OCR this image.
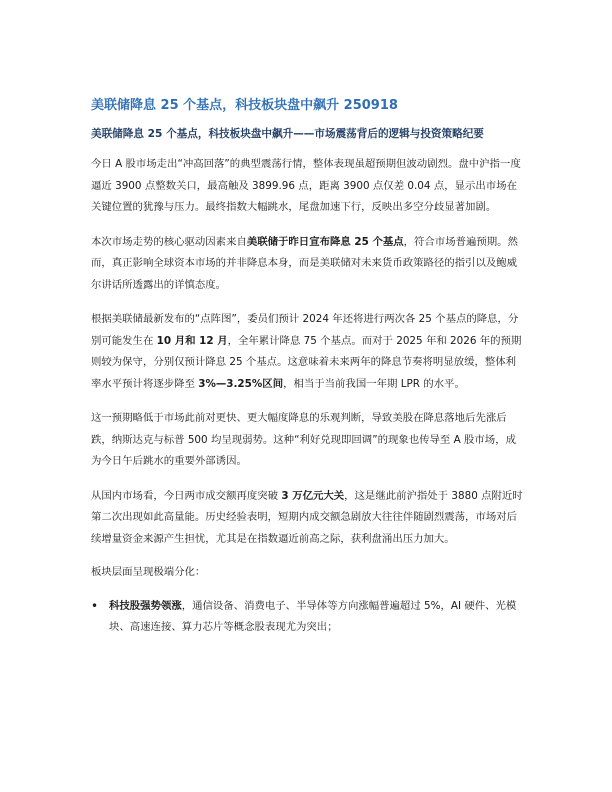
美联储降息 25 个基点，科技板块盘中飙升 250918
美联储降息 25 个基点，科技板块盘中飙升——市场震荡背后的逻辑与投资策略纪要

今日 A 股市场走出“冲高回落”的典型震荡行情，整体表现虽超预期但波动剧烈。盘中沪指一度逼近 3900 点整数关口，最高触及 3899.96 点，距离 3900 点仅差 0.04 点，显示出市场在关键位置的犹豫与压力。最终指数大幅跳水，尾盘加速下行，反映出多空分歧显著加剧。

本次市场走势的核心驱动因素来自美联储于昨日宣布降息 25 个基点，符合市场普遍预期。然而，真正影响全球资本市场的并非降息本身，而是美联储对未来货币政策路径的指引以及鲍威尔讲话所透露出的详慎态度。

根据美联储最新发布的“点阵图”，委员们预计 2024 年还将进行两次各 25 个基点的降息，分别可能发生在 10 月和 12 月，全年累计降息 75 个基点。而对于 2025 年和 2026 年的预期则较为保守，分别仅预计降息 25 个基点。这意味着未来两年的降息节奏将明显放缓，整体利率水平预计将逐步降至 3%—3.25%区间，相当于当前我国一年期 LPR 的水平。

这一预期略低于市场此前对更快、更大幅度降息的乐观判断，导致美股在降息落地后先涨后跌，纳斯达克与标普 500 均呈现弱势。这种“利好兑现即回调”的现象也传导至 A 股市场，成为今日午后跳水的重要外部诱因。

从国内市场看，今日两市成交额再度突破 3 万亿元大关，这是继此前沪指处于 3880 点附近时第二次出现如此高量能。历史经验表明，短期内成交额急剧放大往往伴随剧烈震荡，市场对后续增量资金来源产生担忧，尤其是在指数逼近前高之际，获利盘涌出压力加大。

板块层面呈现极端分化：

• 科技股强势领涨，通信设备、消费电子、半导体等方向涨幅普遍超过 5%，AI 硬件、光模块、高速连接、算力芯片等概念股表现尤为突出；
